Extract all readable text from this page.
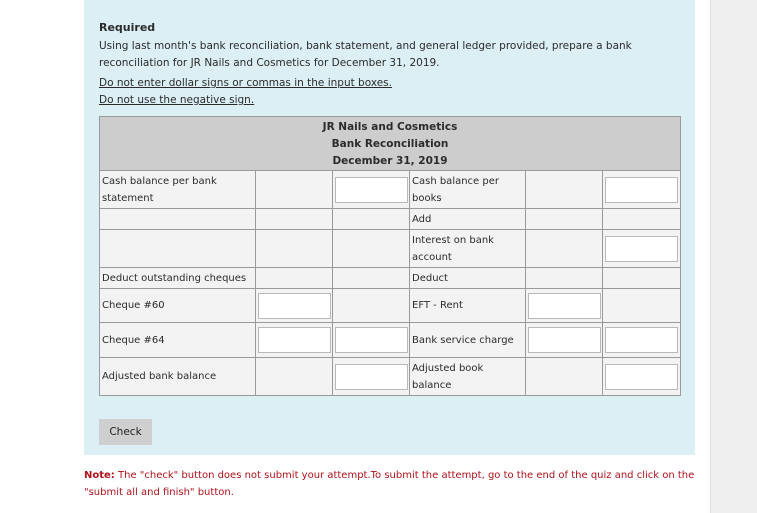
Required
Using last month's bank reconciliation, bank statement, and general ledger provided, prepare a bank reconciliation for JR Nails and Cosmetics for December 31, 2019.
Do not enter dollar signs or commas in the input boxes.
Do not use the negative sign.
JR Nails and Cosmetics
Bank Reconciliation
December 31, 2019					

Cash balance per bank statement			Cash balance per books		

			Add		
			Interest on bank account		

Deduct outstanding cheques			Deduct		
Cheque #60			EFT - Rent	

Cheque #64			Bank service charge	

Adjusted bank balance			Adjusted book balance		
Check
Note: The "check" button does not submit your attempt.To submit the attempt, go to the end of the quiz and click on the "submit all and finish" button.
